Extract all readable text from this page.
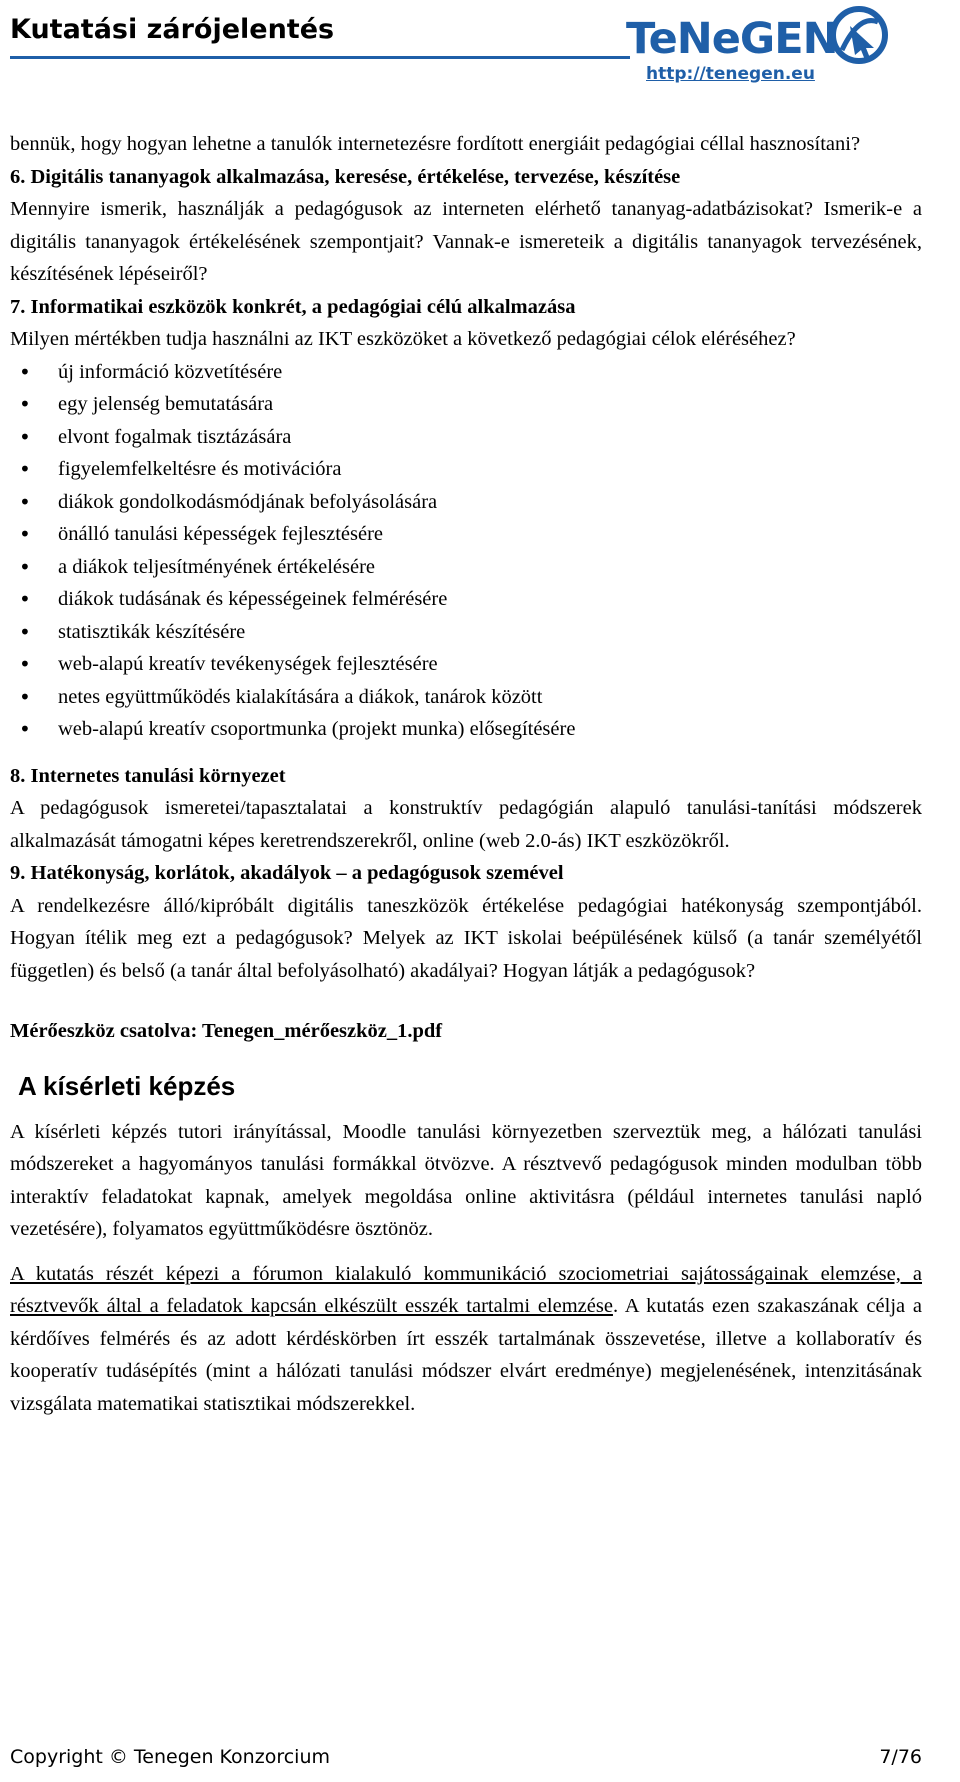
Kutatási zárójelentés	TeNeGEN
http://tenegen.eu

bennük, hogy hogyan lehetne a tanulók internetezésre fordított energiáit pedagógiai céllal hasznosítani?

6. Digitális tananyagok alkalmazása, keresése, értékelése, tervezése, készítése

Mennyire ismerik, használják a pedagógusok az interneten elérhető tananyag-adatbázisokat? Ismerik-e a digitális tananyagok értékelésének szempontjait? Vannak-e ismereteik a digitális tananyagok tervezésének, készítésének lépéseiről?

7. Informatikai eszközök konkrét, a pedagógiai célú alkalmazása

Milyen mértékben tudja használni az IKT eszközöket a következő pedagógiai célok eléréséhez?

• új információ közvetítésére
• egy jelenség bemutatására
• elvont fogalmak tisztázására
• figyelemfelkeltésre és motivációra
• diákok gondolkodásmódjának befolyásolására
• önálló tanulási képességek fejlesztésére
• a diákok teljesítményének értékelésére
• diákok tudásának és képességeinek felmérésére
• statisztikák készítésére
• web-alapú kreatív tevékenységek fejlesztésére
• netes együttműködés kialakítására a diákok, tanárok között
• web-alapú kreatív csoportmunka (projekt munka) elősegítésére

8. Internetes tanulási környezet

A pedagógusok ismeretei/tapasztalatai a konstruktív pedagógián alapuló tanulási-tanítási módszerek alkalmazását támogatni képes keretrendszerekről, online (web 2.0-ás) IKT eszközökről.

9. Hatékonyság, korlátok, akadályok – a pedagógusok szemével

A rendelkezésre álló/kipróbált digitális taneszközök értékelése pedagógiai hatékonyság szempontjából. Hogyan ítélik meg ezt a pedagógusok? Melyek az IKT iskolai beépülésének külső (a tanár személyétől független) és belső (a tanár által befolyásolható) akadályai? Hogyan látják a pedagógusok?

Mérőeszköz csatolva: Tenegen_mérőeszköz_1.pdf

A kísérleti képzés

A kísérleti képzés tutori irányítással, Moodle tanulási környezetben szerveztük meg, a hálózati tanulási módszereket a hagyományos tanulási formákkal ötvözve. A résztvevő pedagógusok minden modulban több interaktív feladatokat kapnak, amelyek megoldása online aktivitásra (például internetes tanulási napló vezetésére), folyamatos együttműködésre ösztönöz.

A kutatás részét képezi a fórumon kialakuló kommunikáció szociometriai sajátosságainak elemzése, a résztvevők által a feladatok kapcsán elkészült esszék tartalmi elemzése. A kutatás ezen szakaszának célja a kérdőíves felmérés és az adott kérdéskörben írt esszék tartalmának összevetése, illetve a kollaboratív és kooperatív tudásépítés (mint a hálózati tanulási módszer elvárt eredménye) megjelenésének, intenzitásának vizsgálata matematikai statisztikai módszerekkel.

Copyright © Tenegen Konzorcium	7/76
